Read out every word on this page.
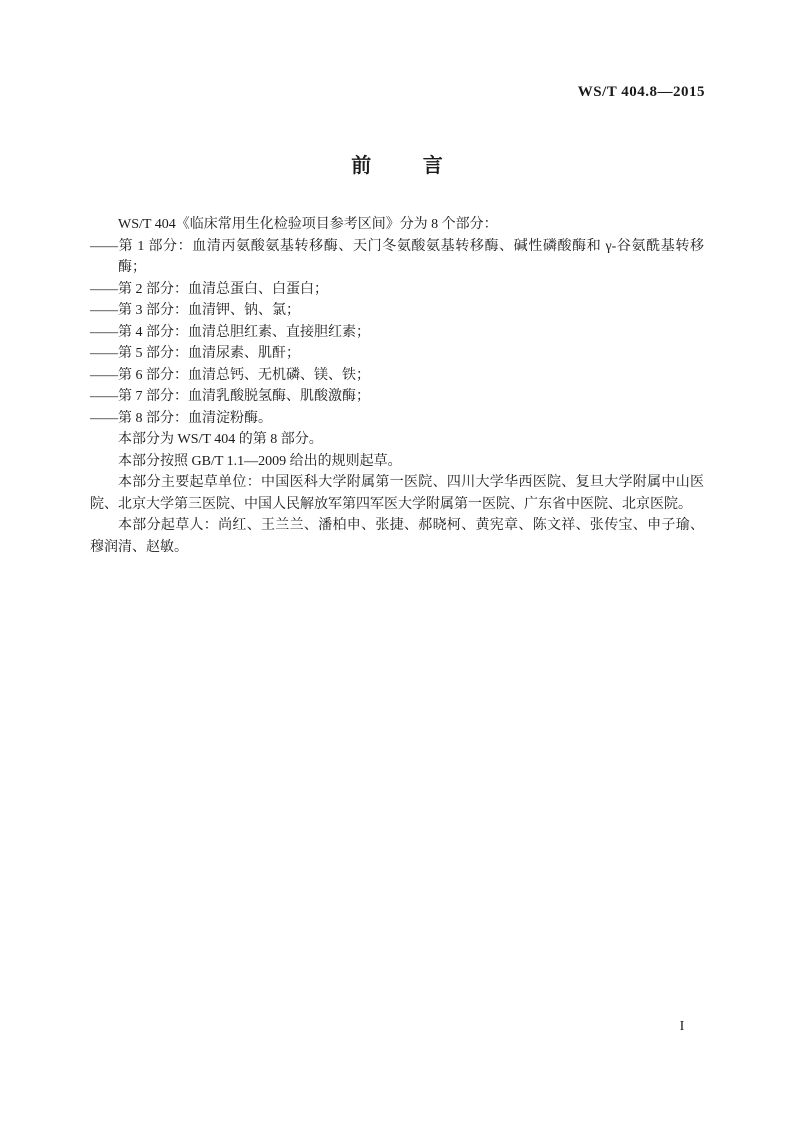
WS/T 404.8—2015
前 言

WS/T 404《临床常用生化检验项目参考区间》分为 8 个部分：

——第 1 部分：血清丙氨酸氨基转移酶、天门冬氨酸氨基转移酶、碱性磷酸酶和 γ-谷氨酰基转移酶；
——第 2 部分：血清总蛋白、白蛋白；
——第 3 部分：血清钾、钠、氯；
——第 4 部分：血清总胆红素、直接胆红素；
——第 5 部分：血清尿素、肌酐；
——第 6 部分：血清总钙、无机磷、镁、铁；
——第 7 部分：血清乳酸脱氢酶、肌酸激酶；
——第 8 部分：血清淀粉酶。

本部分为 WS/T 404 的第 8 部分。

本部分按照 GB/T 1.1—2009 给出的规则起草。

本部分主要起草单位：中国医科大学附属第一医院、四川大学华西医院、复旦大学附属中山医院、北京大学第三医院、中国人民解放军第四军医大学附属第一医院、广东省中医院、北京医院。

本部分起草人：尚红、王兰兰、潘柏申、张捷、郝晓柯、黄宪章、陈文祥、张传宝、申子瑜、穆润清、赵敏。

I
